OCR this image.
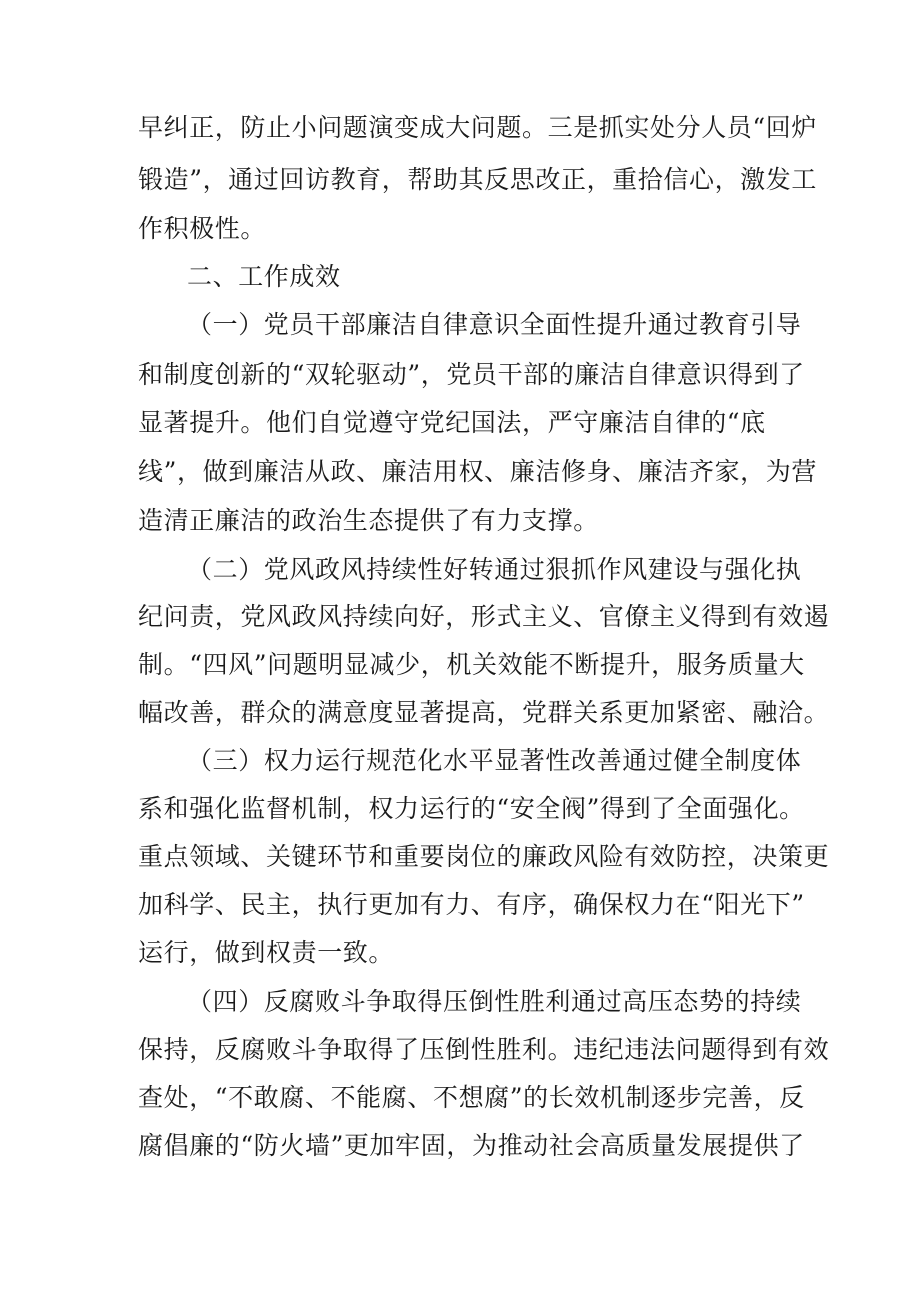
早纠正，防止小问题演变成大问题。三是抓实处分人员“回炉
锻造”，通过回访教育，帮助其反思改正，重拾信心，激发工
作积极性。
二、工作成效
（一）党员干部廉洁自律意识全面性提升通过教育引导
和制度创新的“双轮驱动”，党员干部的廉洁自律意识得到了
显著提升。他们自觉遵守党纪国法，严守廉洁自律的“底
线”，做到廉洁从政、廉洁用权、廉洁修身、廉洁齐家，为营
造清正廉洁的政治生态提供了有力支撑。
（二）党风政风持续性好转通过狠抓作风建设与强化执
纪问责，党风政风持续向好，形式主义、官僚主义得到有效遏
制。“四风”问题明显减少，机关效能不断提升，服务质量大
幅改善，群众的满意度显著提高，党群关系更加紧密、融洽。
（三）权力运行规范化水平显著性改善通过健全制度体
系和强化监督机制，权力运行的“安全阀”得到了全面强化。
重点领域、关键环节和重要岗位的廉政风险有效防控，决策更
加科学、民主，执行更加有力、有序，确保权力在“阳光下”
运行，做到权责一致。
（四）反腐败斗争取得压倒性胜利通过高压态势的持续
保持，反腐败斗争取得了压倒性胜利。违纪违法问题得到有效
查处，“不敢腐、不能腐、不想腐”的长效机制逐步完善，反
腐倡廉的“防火墙”更加牢固，为推动社会高质量发展提供了
